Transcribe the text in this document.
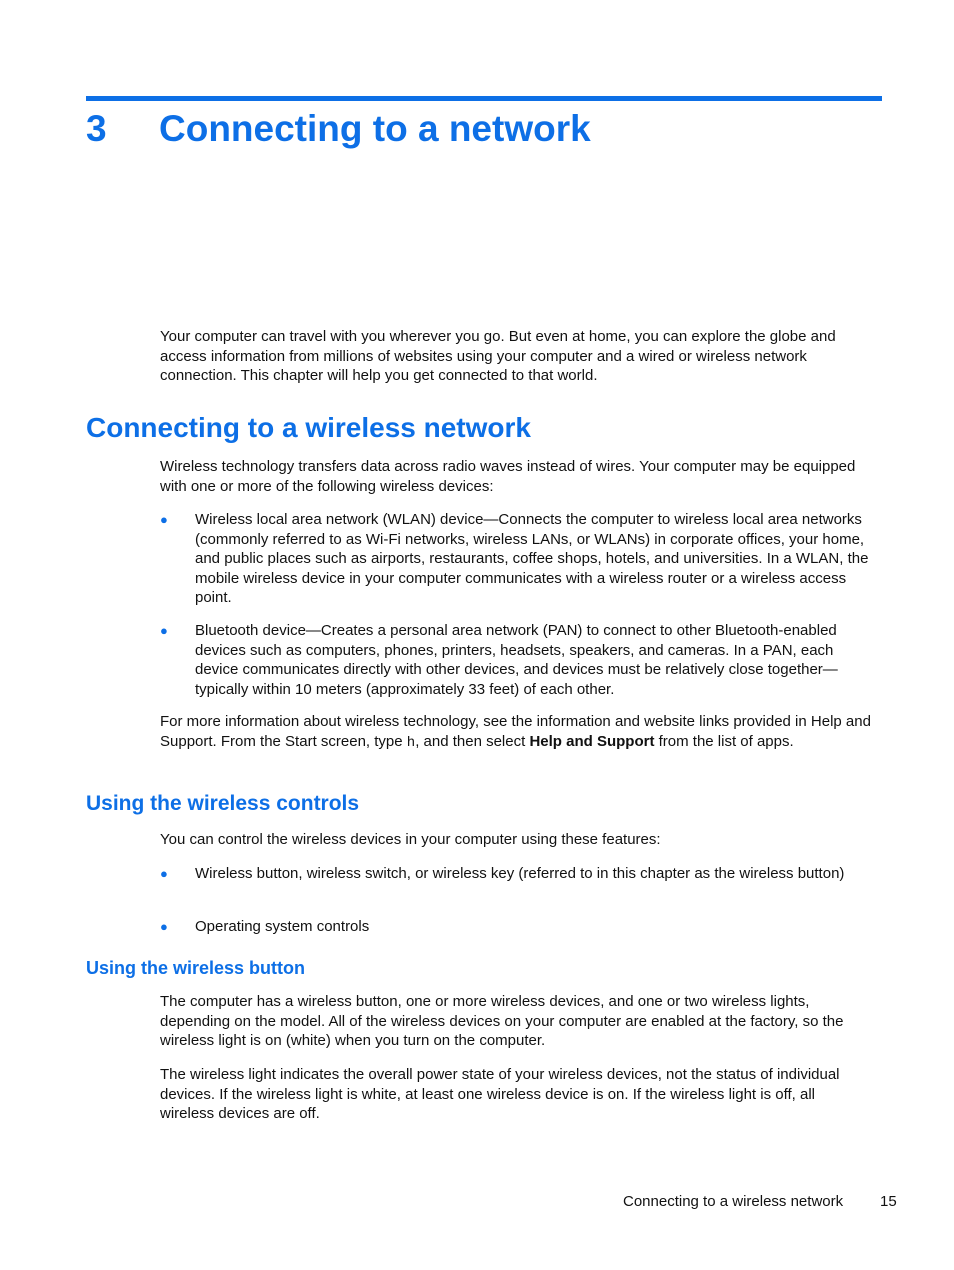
3 Connecting to a network

Your computer can travel with you wherever you go. But even at home, you can explore the globe and access information from millions of websites using your computer and a wired or wireless network connection. This chapter will help you get connected to that world.

Connecting to a wireless network

Wireless technology transfers data across radio waves instead of wires. Your computer may be equipped with one or more of the following wireless devices:

● Wireless local area network (WLAN) device—Connects the computer to wireless local area networks (commonly referred to as Wi-Fi networks, wireless LANs, or WLANs) in corporate offices, your home, and public places such as airports, restaurants, coffee shops, hotels, and universities. In a WLAN, the mobile wireless device in your computer communicates with a wireless router or a wireless access point.

● Bluetooth device—Creates a personal area network (PAN) to connect to other Bluetooth-enabled devices such as computers, phones, printers, headsets, speakers, and cameras. In a PAN, each device communicates directly with other devices, and devices must be relatively close together—typically within 10 meters (approximately 33 feet) of each other.

For more information about wireless technology, see the information and website links provided in Help and Support. From the Start screen, type h, and then select Help and Support from the list of apps.

Using the wireless controls

You can control the wireless devices in your computer using these features:

● Wireless button, wireless switch, or wireless key (referred to in this chapter as the wireless button)

● Operating system controls

Using the wireless button

The computer has a wireless button, one or more wireless devices, and one or two wireless lights, depending on the model. All of the wireless devices on your computer are enabled at the factory, so the wireless light is on (white) when you turn on the computer.

The wireless light indicates the overall power state of your wireless devices, not the status of individual devices. If the wireless light is white, at least one wireless device is on. If the wireless light is off, all wireless devices are off.

Connecting to a wireless network 15
